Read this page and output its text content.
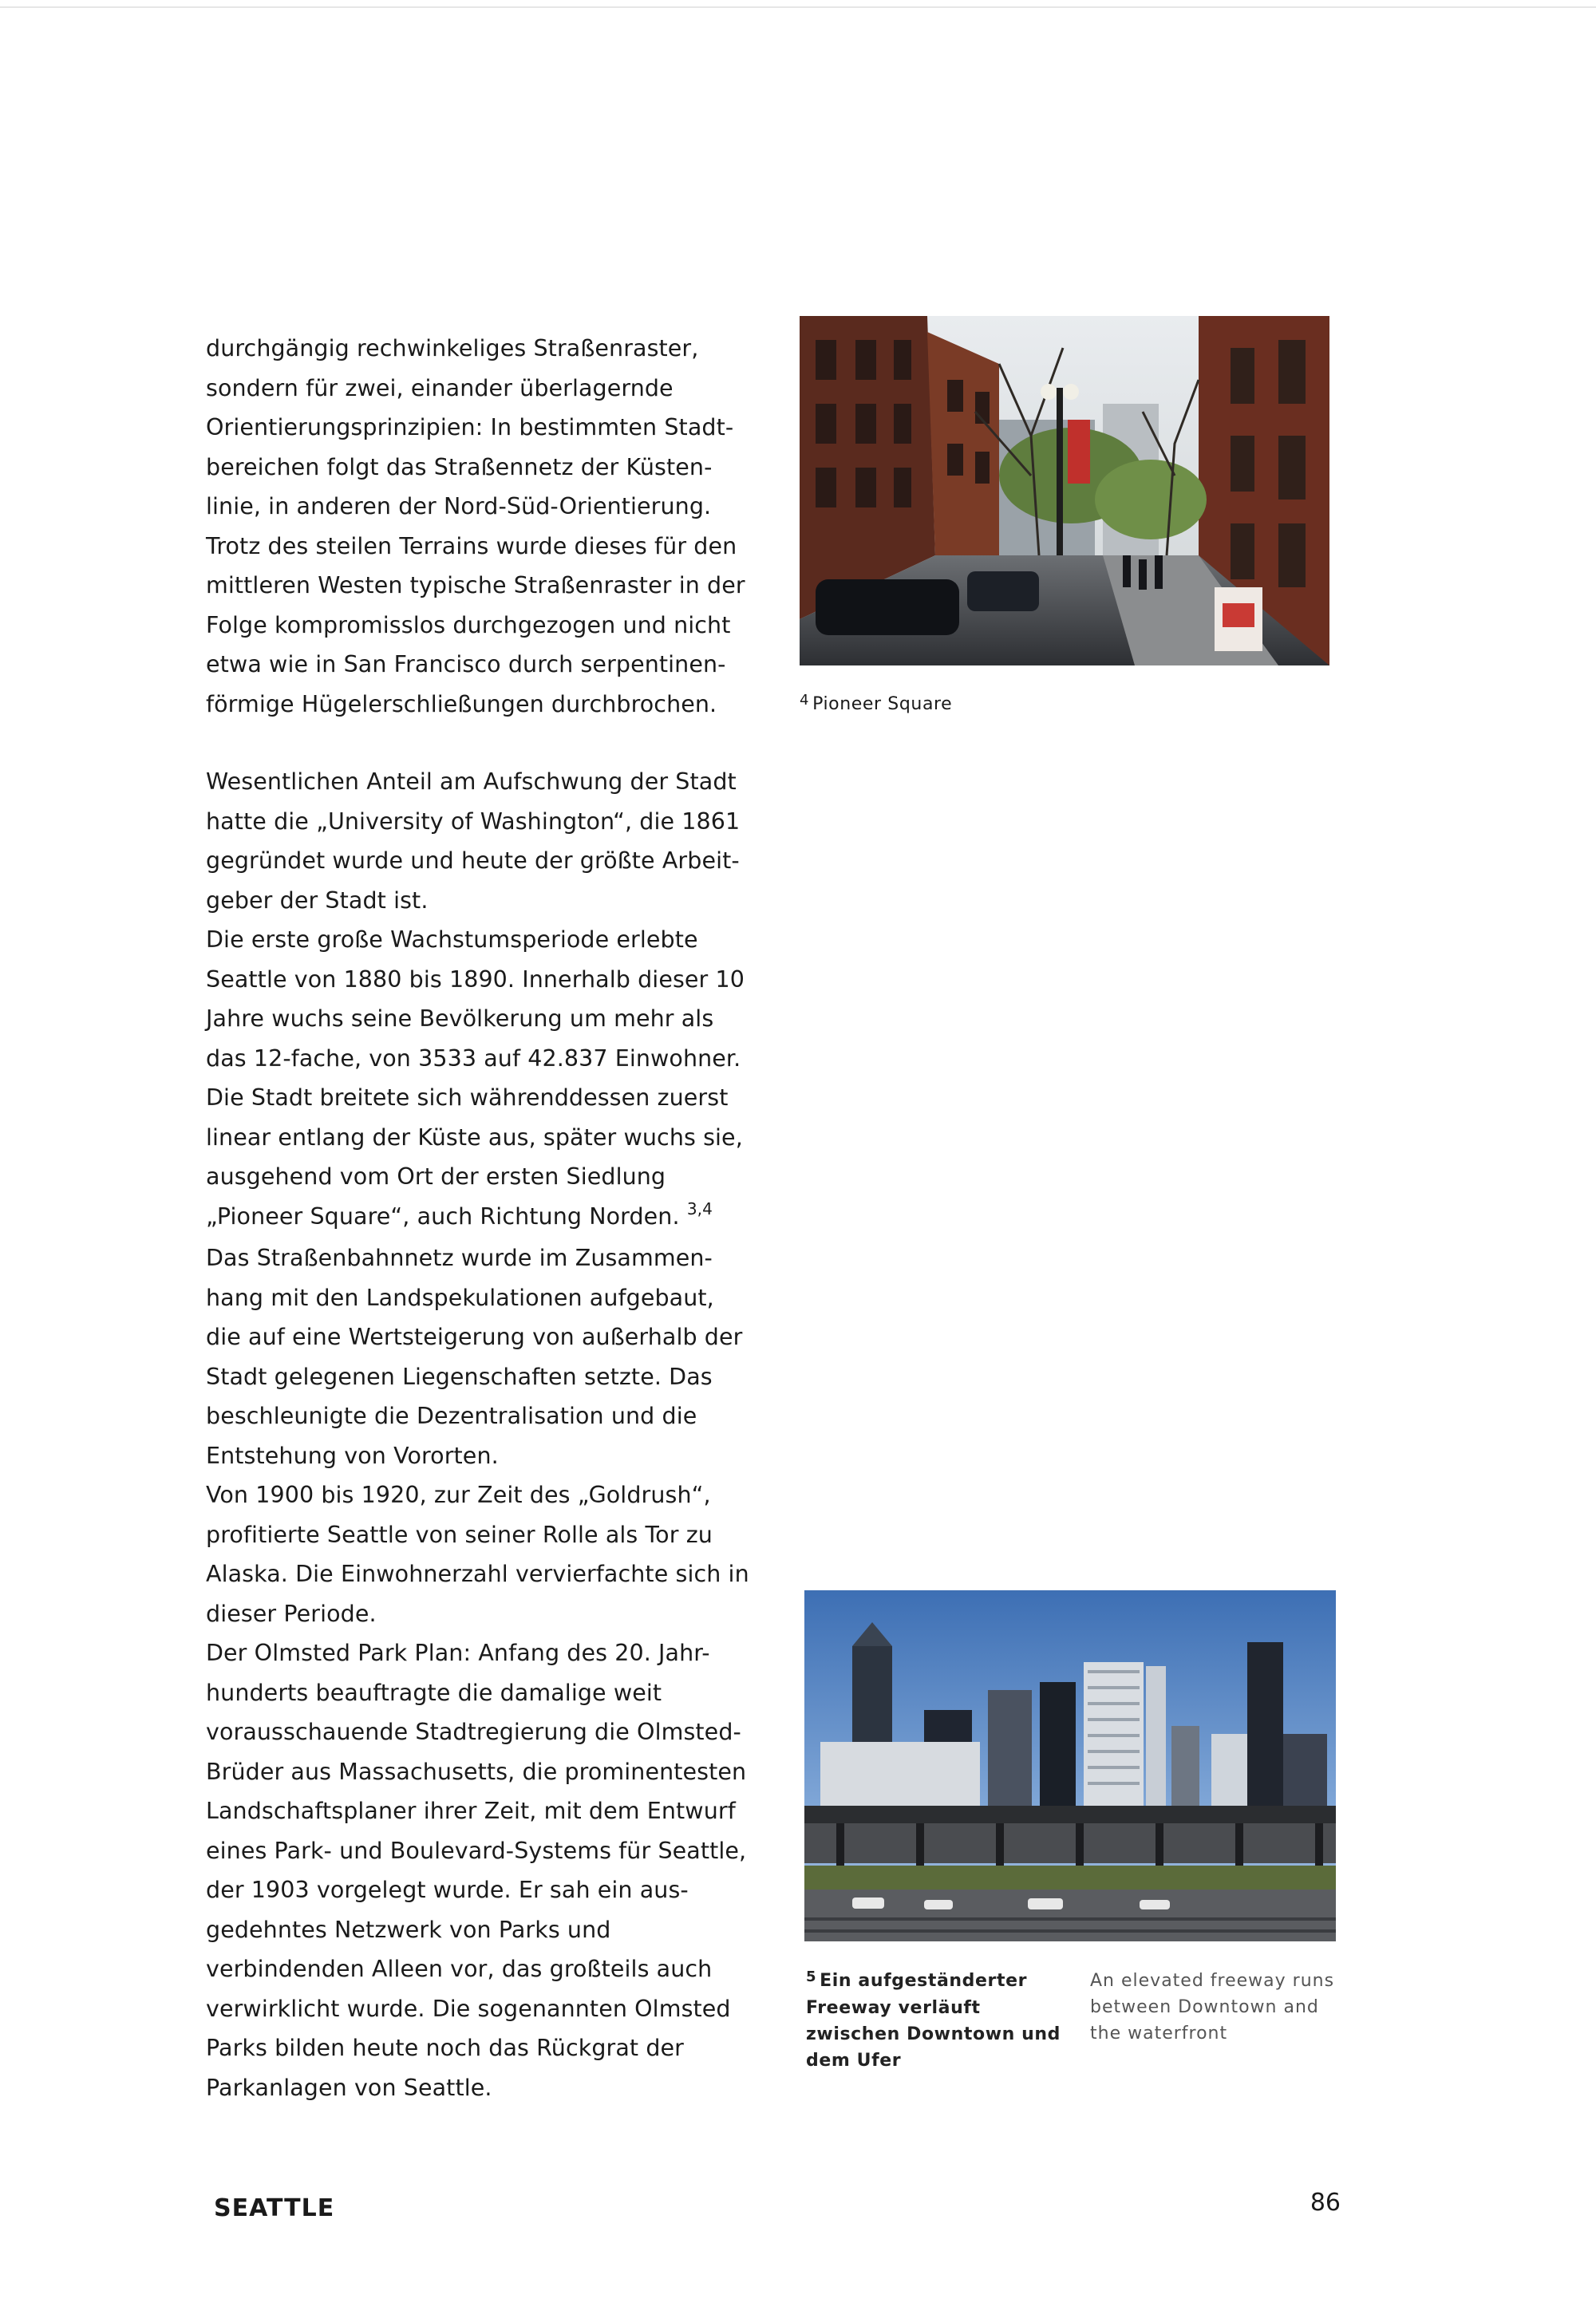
durchgängig rechwinkeliges Straßenraster,
sondern für zwei, einander überlagernde
Orientierungsprinzipien: In bestimmten Stadt-
bereichen folgt das Straßennetz der Küsten-
linie, in anderen der Nord-Süd-Orientierung.
Trotz des steilen Terrains wurde dieses für den
mittleren Westen typische Straßenraster in der
Folge kompromisslos durchgezogen und nicht
etwa wie in San Francisco durch serpentinen-
förmige Hügelerschließungen durchbrochen.
Wesentlichen Anteil am Aufschwung der Stadt
hatte die „University of Washington“, die 1861
gegründet wurde und heute der größte Arbeit-
geber der Stadt ist.
Die erste große Wachstumsperiode erlebte
Seattle von 1880 bis 1890. Innerhalb dieser 10
Jahre wuchs seine Bevölkerung um mehr als
das 12-fache, von 3533 auf 42.837 Einwohner.
Die Stadt breitete sich währenddessen zuerst
linear entlang der Küste aus, später wuchs sie,
ausgehend vom Ort der ersten Siedlung
„Pioneer Square“, auch Richtung Norden. $^{3,4}$
Das Straßenbahnnetz wurde im Zusammen-
hang mit den Landspekulationen aufgebaut,
die auf eine Wertsteigerung von außerhalb der
Stadt gelegenen Liegenschaften setzte. Das
beschleunigte die Dezentralisation und die
Entstehung von Vororten.
Von 1900 bis 1920, zur Zeit des „Goldrush“,
profitierte Seattle von seiner Rolle als Tor zu
Alaska. Die Einwohnerzahl vervierfachte sich in
dieser Periode.
Der Olmsted Park Plan: Anfang des 20. Jahr-
hunderts beauftragte die damalige weit
vorausschauende Stadtregierung die Olmsted-
Brüder aus Massachusetts, die prominentesten
Landschaftsplaner ihrer Zeit, mit dem Entwurf
eines Park- und Boulevard-Systems für Seattle,
der 1903 vorgelegt wurde. Er sah ein aus-
gedehntes Netzwerk von Parks und
verbindenden Alleen vor, das großteils auch
verwirklicht wurde. Die sogenannten Olmsted
Parks bilden heute noch das Rückgrat der
Parkanlagen von Seattle.
$^4$ Pioneer Square
$^5$ Ein aufgeständerter
Freeway verläuft
zwischen Downtown und
dem Ufer
An elevated freeway runs
between Downtown and
the waterfront
SEATTLE	86
